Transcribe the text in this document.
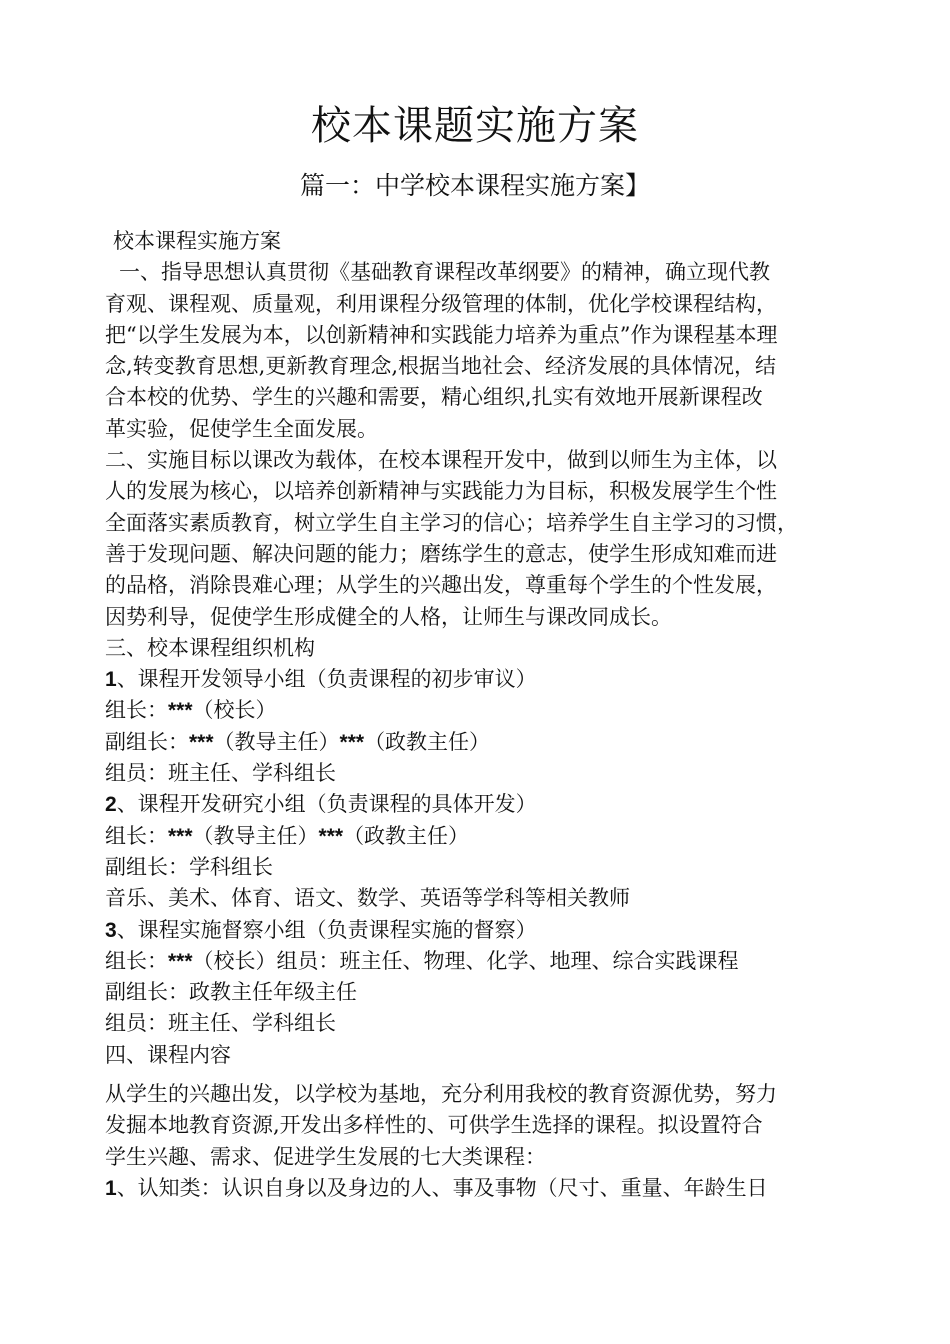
校本课题实施方案
篇一：中学校本课程实施方案】
校本课程实施方案
一、指导思想认真贯彻《基础教育课程改革纲要》的精神，确立现代教
育观、课程观、质量观，利用课程分级管理的体制，优化学校课程结构，
把“以学生发展为本，以创新精神和实践能力培养为重点”作为课程基本理
念,转变教育思想,更新教育理念,根据当地社会、经济发展的具体情况，结
合本校的优势、学生的兴趣和需要，精心组织,扎实有效地开展新课程改
革实验，促使学生全面发展。
二、实施目标以课改为载体，在校本课程开发中，做到以师生为主体，以
人的发展为核心，以培养创新精神与实践能力为目标，积极发展学生个性
全面落实素质教育，树立学生自主学习的信心；培养学生自主学习的习惯，
善于发现问题、解决问题的能力；磨练学生的意志，使学生形成知难而进
的品格，消除畏难心理；从学生的兴趣出发，尊重每个学生的个性发展，
因势利导，促使学生形成健全的人格，让师生与课改同成长。
三、校本课程组织机构
1、课程开发领导小组（负责课程的初步审议）
组长：***（校长）
副组长：***（教导主任）***（政教主任）
组员：班主任、学科组长
2、课程开发研究小组（负责课程的具体开发）
组长：***（教导主任）***（政教主任）
副组长：学科组长
音乐、美术、体育、语文、数学、英语等学科等相关教师
3、课程实施督察小组（负责课程实施的督察）
组长：***（校长）组员：班主任、物理、化学、地理、综合实践课程
副组长：政教主任年级主任
组员：班主任、学科组长
四、课程内容
从学生的兴趣出发，以学校为基地，充分利用我校的教育资源优势，努力
发掘本地教育资源,开发出多样性的、可供学生选择的课程。拟设置符合
学生兴趣、需求、促进学生发展的七大类课程：
1、认知类：认识自身以及身边的人、事及事物（尺寸、重量、年龄生日
